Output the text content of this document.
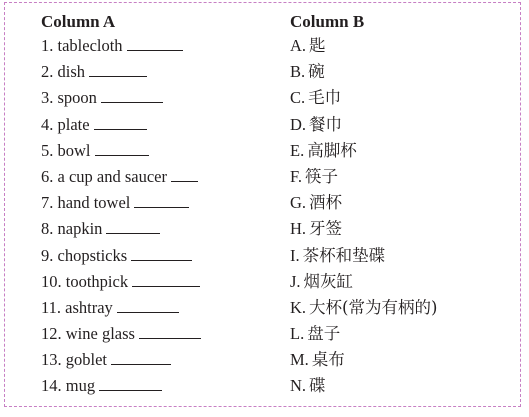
Column A
1. tablecloth
2. dish
3. spoon
4. plate
5. bowl
6. a cup and saucer
7. hand towel
8. napkin
9. chopsticks
10. toothpick
11. ashtray
12. wine glass
13. goblet
14. mug
Column B
A. 匙
B. 碗
C. 毛巾
D. 餐巾
E. 高脚杯
F. 筷子
G. 酒杯
H. 牙签
I. 茶杯和垫碟
J. 烟灰缸
K. 大杯(常为有柄的)
L. 盘子
M. 桌布
N. 碟
